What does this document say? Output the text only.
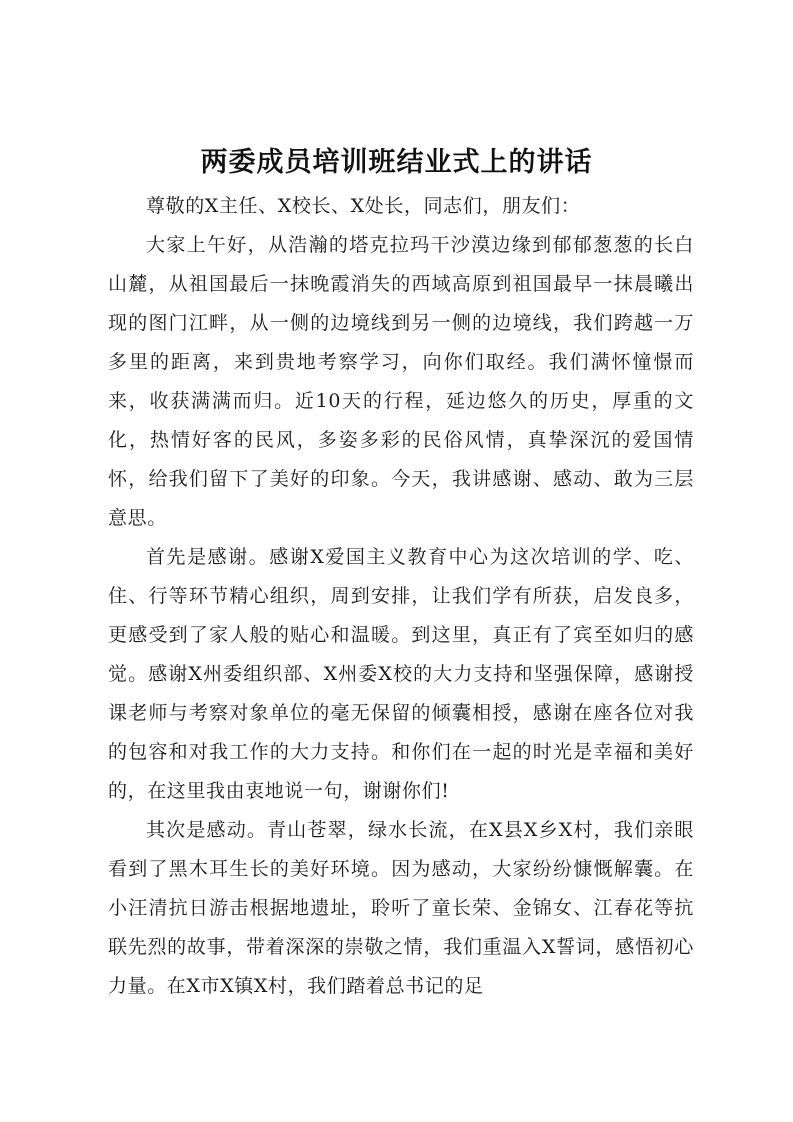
两委成员培训班结业式上的讲话

尊敬的X主任、X校长、X处长，同志们，朋友们：

大家上午好，从浩瀚的塔克拉玛干沙漠边缘到郁郁葱葱的长白山麓，从祖国最后一抹晚霞消失的西域高原到祖国最早一抹晨曦出现的图门江畔，从一侧的边境线到另一侧的边境线，我们跨越一万多里的距离，来到贵地考察学习，向你们取经。我们满怀憧憬而来，收获满满而归。近10天的行程，延边悠久的历史，厚重的文化，热情好客的民风，多姿多彩的民俗风情，真挚深沉的爱国情怀，给我们留下了美好的印象。今天，我讲感谢、感动、敢为三层意思。

首先是感谢。感谢X爱国主义教育中心为这次培训的学、吃、住、行等环节精心组织，周到安排，让我们学有所获，启发良多，更感受到了家人般的贴心和温暖。到这里，真正有了宾至如归的感觉。感谢X州委组织部、X州委X校的大力支持和坚强保障，感谢授课老师与考察对象单位的毫无保留的倾囊相授，感谢在座各位对我的包容和对我工作的大力支持。和你们在一起的时光是幸福和美好的，在这里我由衷地说一句，谢谢你们!

其次是感动。青山苍翠，绿水长流，在X县X乡X村，我们亲眼看到了黑木耳生长的美好环境。因为感动，大家纷纷慷慨解囊。在小汪清抗日游击根据地遗址，聆听了童长荣、金锦女、江春花等抗联先烈的故事，带着深深的崇敬之情，我们重温入X誓词，感悟初心力量。在X市X镇X村，我们踏着总书记的足
